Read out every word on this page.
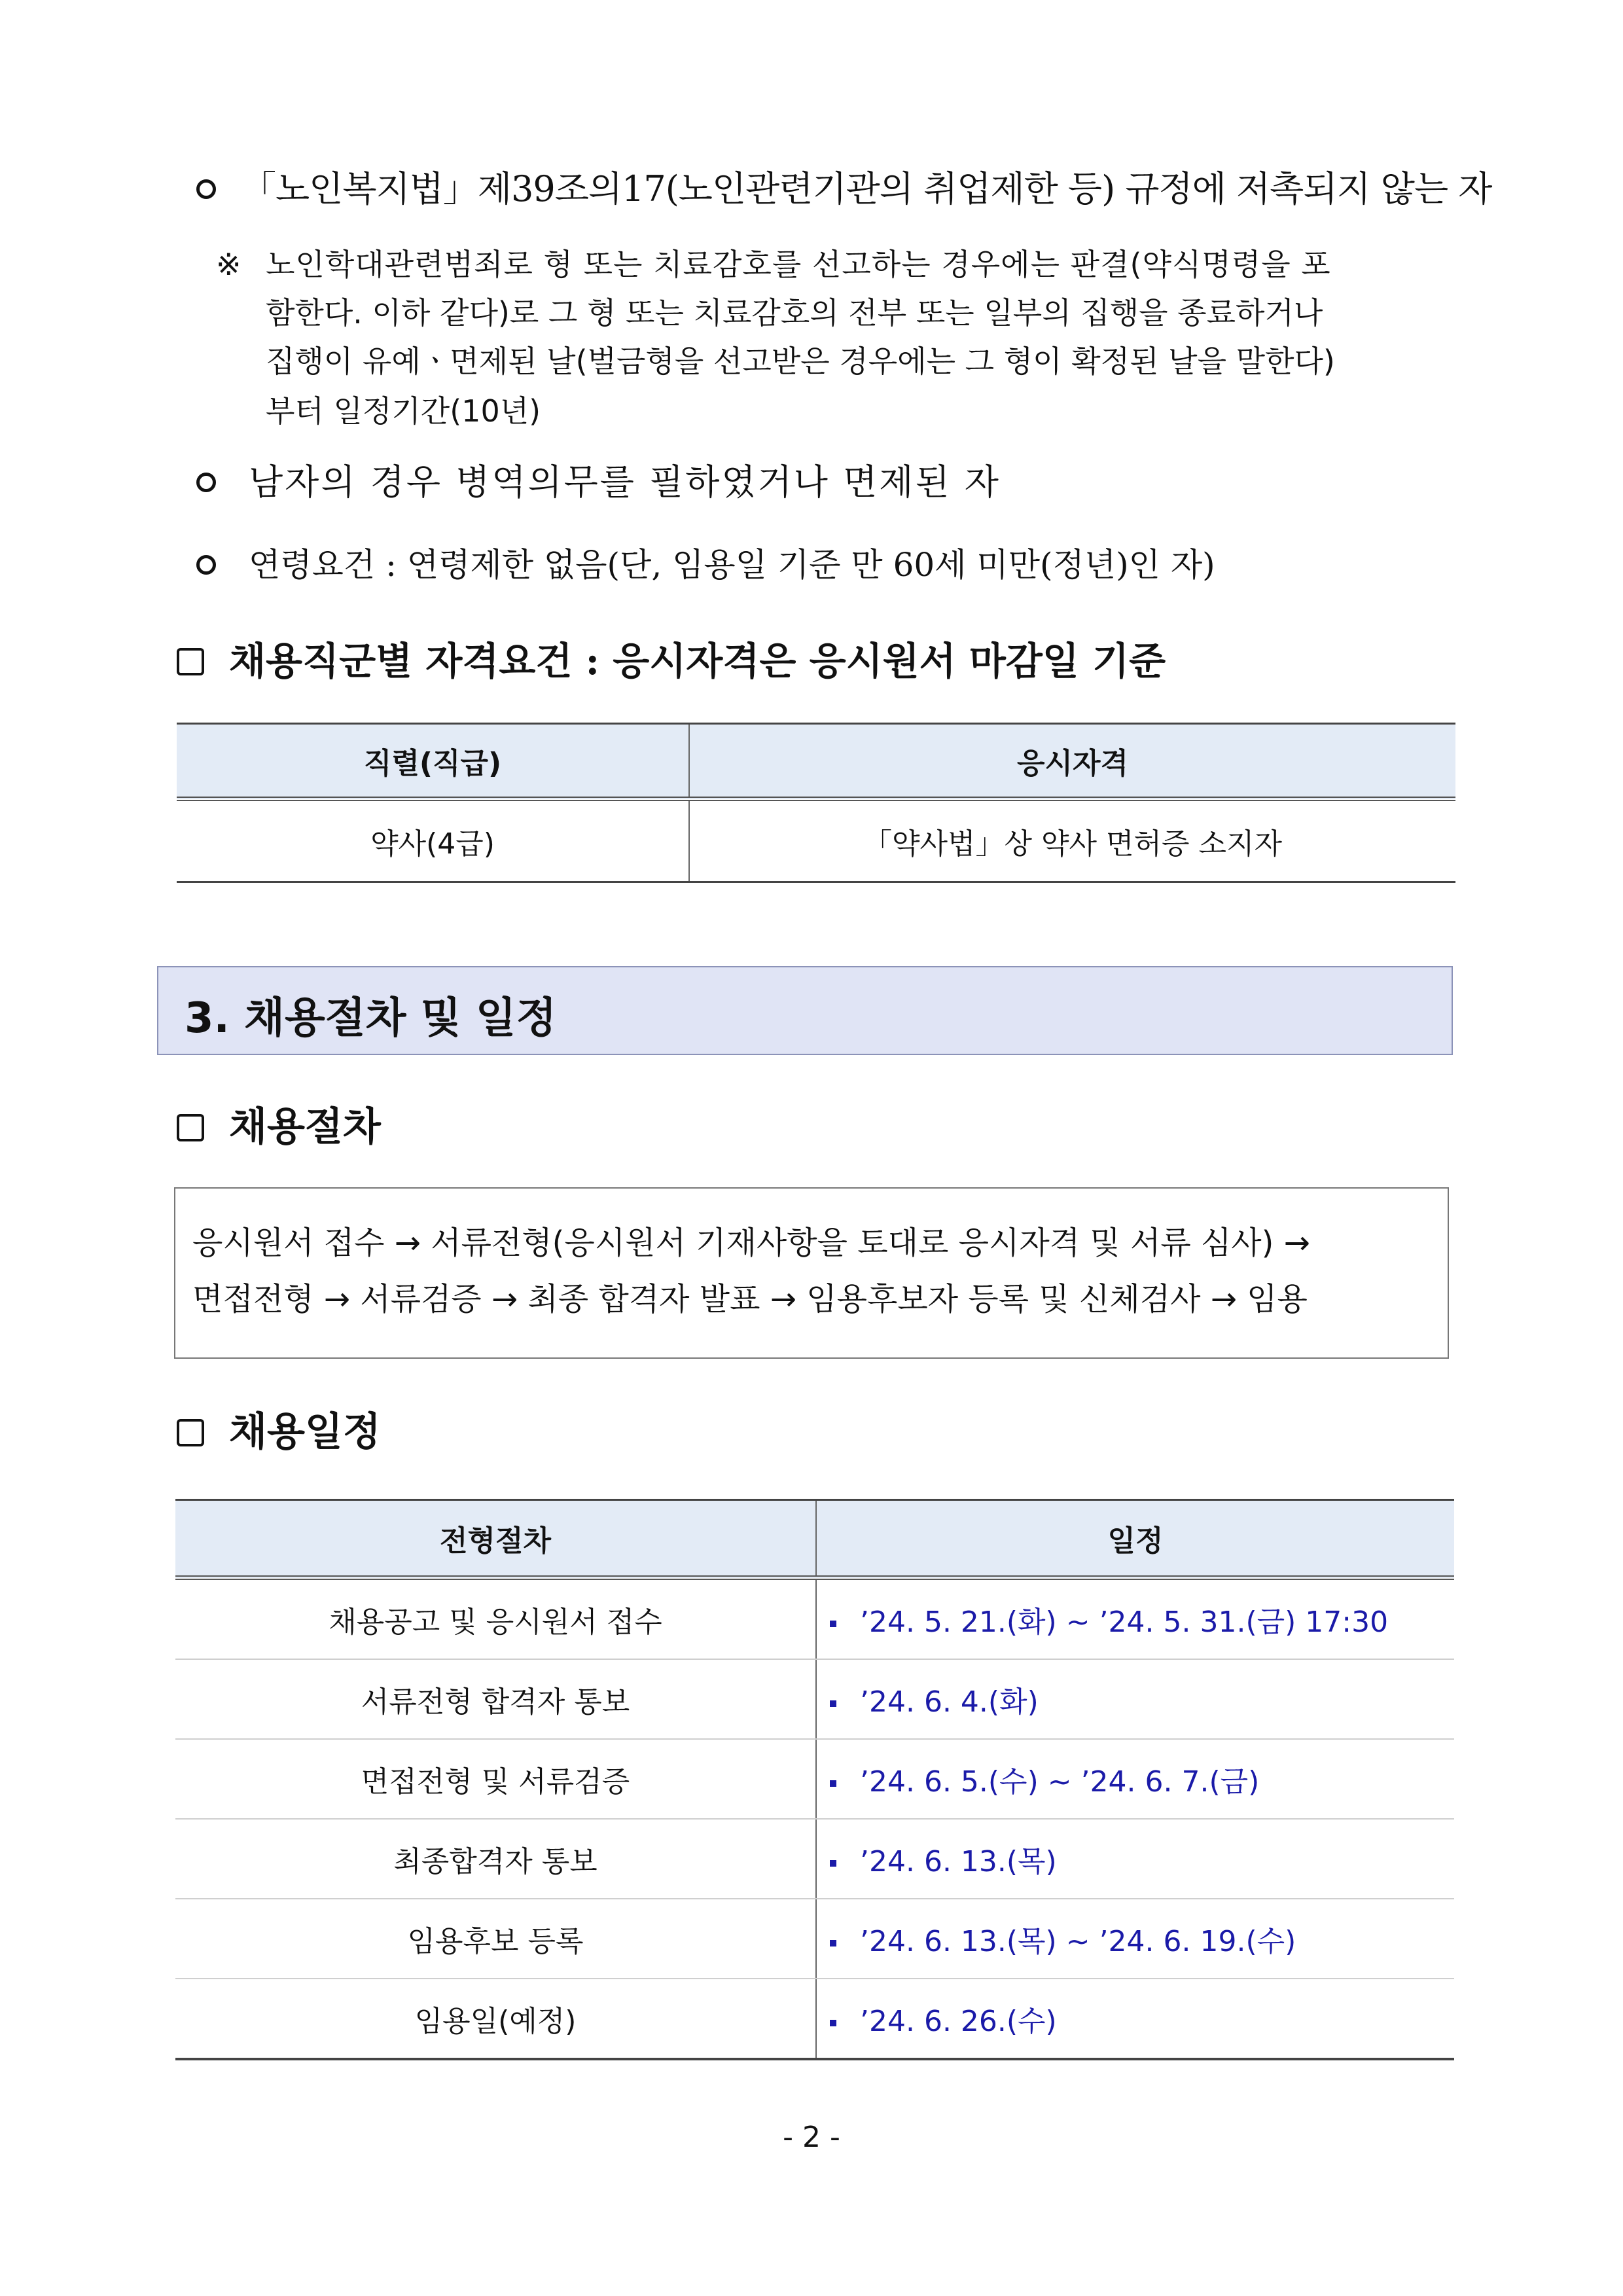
「노인복지법」제39조의17(노인관련기관의 취업제한 등) 규정에 저촉되지 않는 자
※ 노인학대관련범죄로 형 또는 치료감호를 선고하는 경우에는 판결(약식명령을 포
함한다. 이하 같다)로 그 형 또는 치료감호의 전부 또는 일부의 집행을 종료하거나
집행이 유예ㆍ면제된 날(벌금형을 선고받은 경우에는 그 형이 확정된 날을 말한다)
부터 일정기간(10년)
남자의 경우 병역의무를 필하였거나 면제된 자
연령요건 : 연령제한 없음(단, 임용일 기준 만 60세 미만(정년)인 자)
채용직군별 자격요건 : 응시자격은 응시원서 마감일 기준
직렬(직급)	응시자격
약사(4급)	「약사법」상 약사 면허증 소지자
3. 채용절차 및 일정
채용절차
응시원서 접수 → 서류전형(응시원서 기재사항을 토대로 응시자격 및 서류 심사) →
면접전형 → 서류검증 → 최종 합격자 발표 → 임용후보자 등록 및 신체검사 → 임용
채용일정
전형절차	일정
채용공고 및 응시원서 접수	’24. 5. 21.(화) ~ ’24. 5. 31.(금) 17:30
서류전형 합격자 통보	’24. 6. 4.(화)
면접전형 및 서류검증	’24. 6. 5.(수) ~ ’24. 6. 7.(금)
최종합격자 통보	’24. 6. 13.(목)
임용후보 등록	’24. 6. 13.(목) ~ ’24. 6. 19.(수)
임용일(예정)	’24. 6. 26.(수)
- 2 -
